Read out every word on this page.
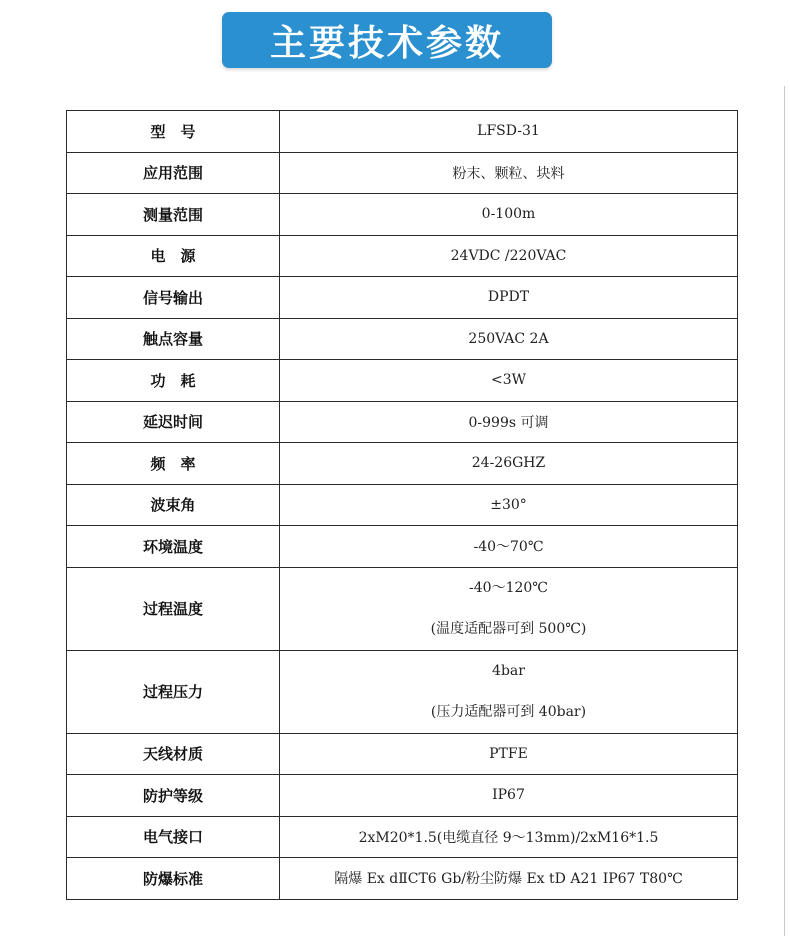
主要技术参数
型　号	LFSD-31
应用范围	粉末、颗粒、块料
测量范围	0-100m
电　源	24VDC /220VAC
信号输出	DPDT
触点容量	250VAC 2A
功　耗	<3W
延迟时间	0-999s 可调
频　率	24-26GHZ
波束角	±30°
环境温度	-40～70℃
过程温度	-40～120℃
(温度适配器可到 500℃)

过程压力	4bar
(压力适配器可到 40bar)

天线材质	PTFE
防护等级	IP67
电气接口	2xM20*1.5(电缆直径 9～13mm)/2xM16*1.5
防爆标准	隔爆 Ex dⅡCT6 Gb/粉尘防爆 Ex tD A21 IP67 T80℃
